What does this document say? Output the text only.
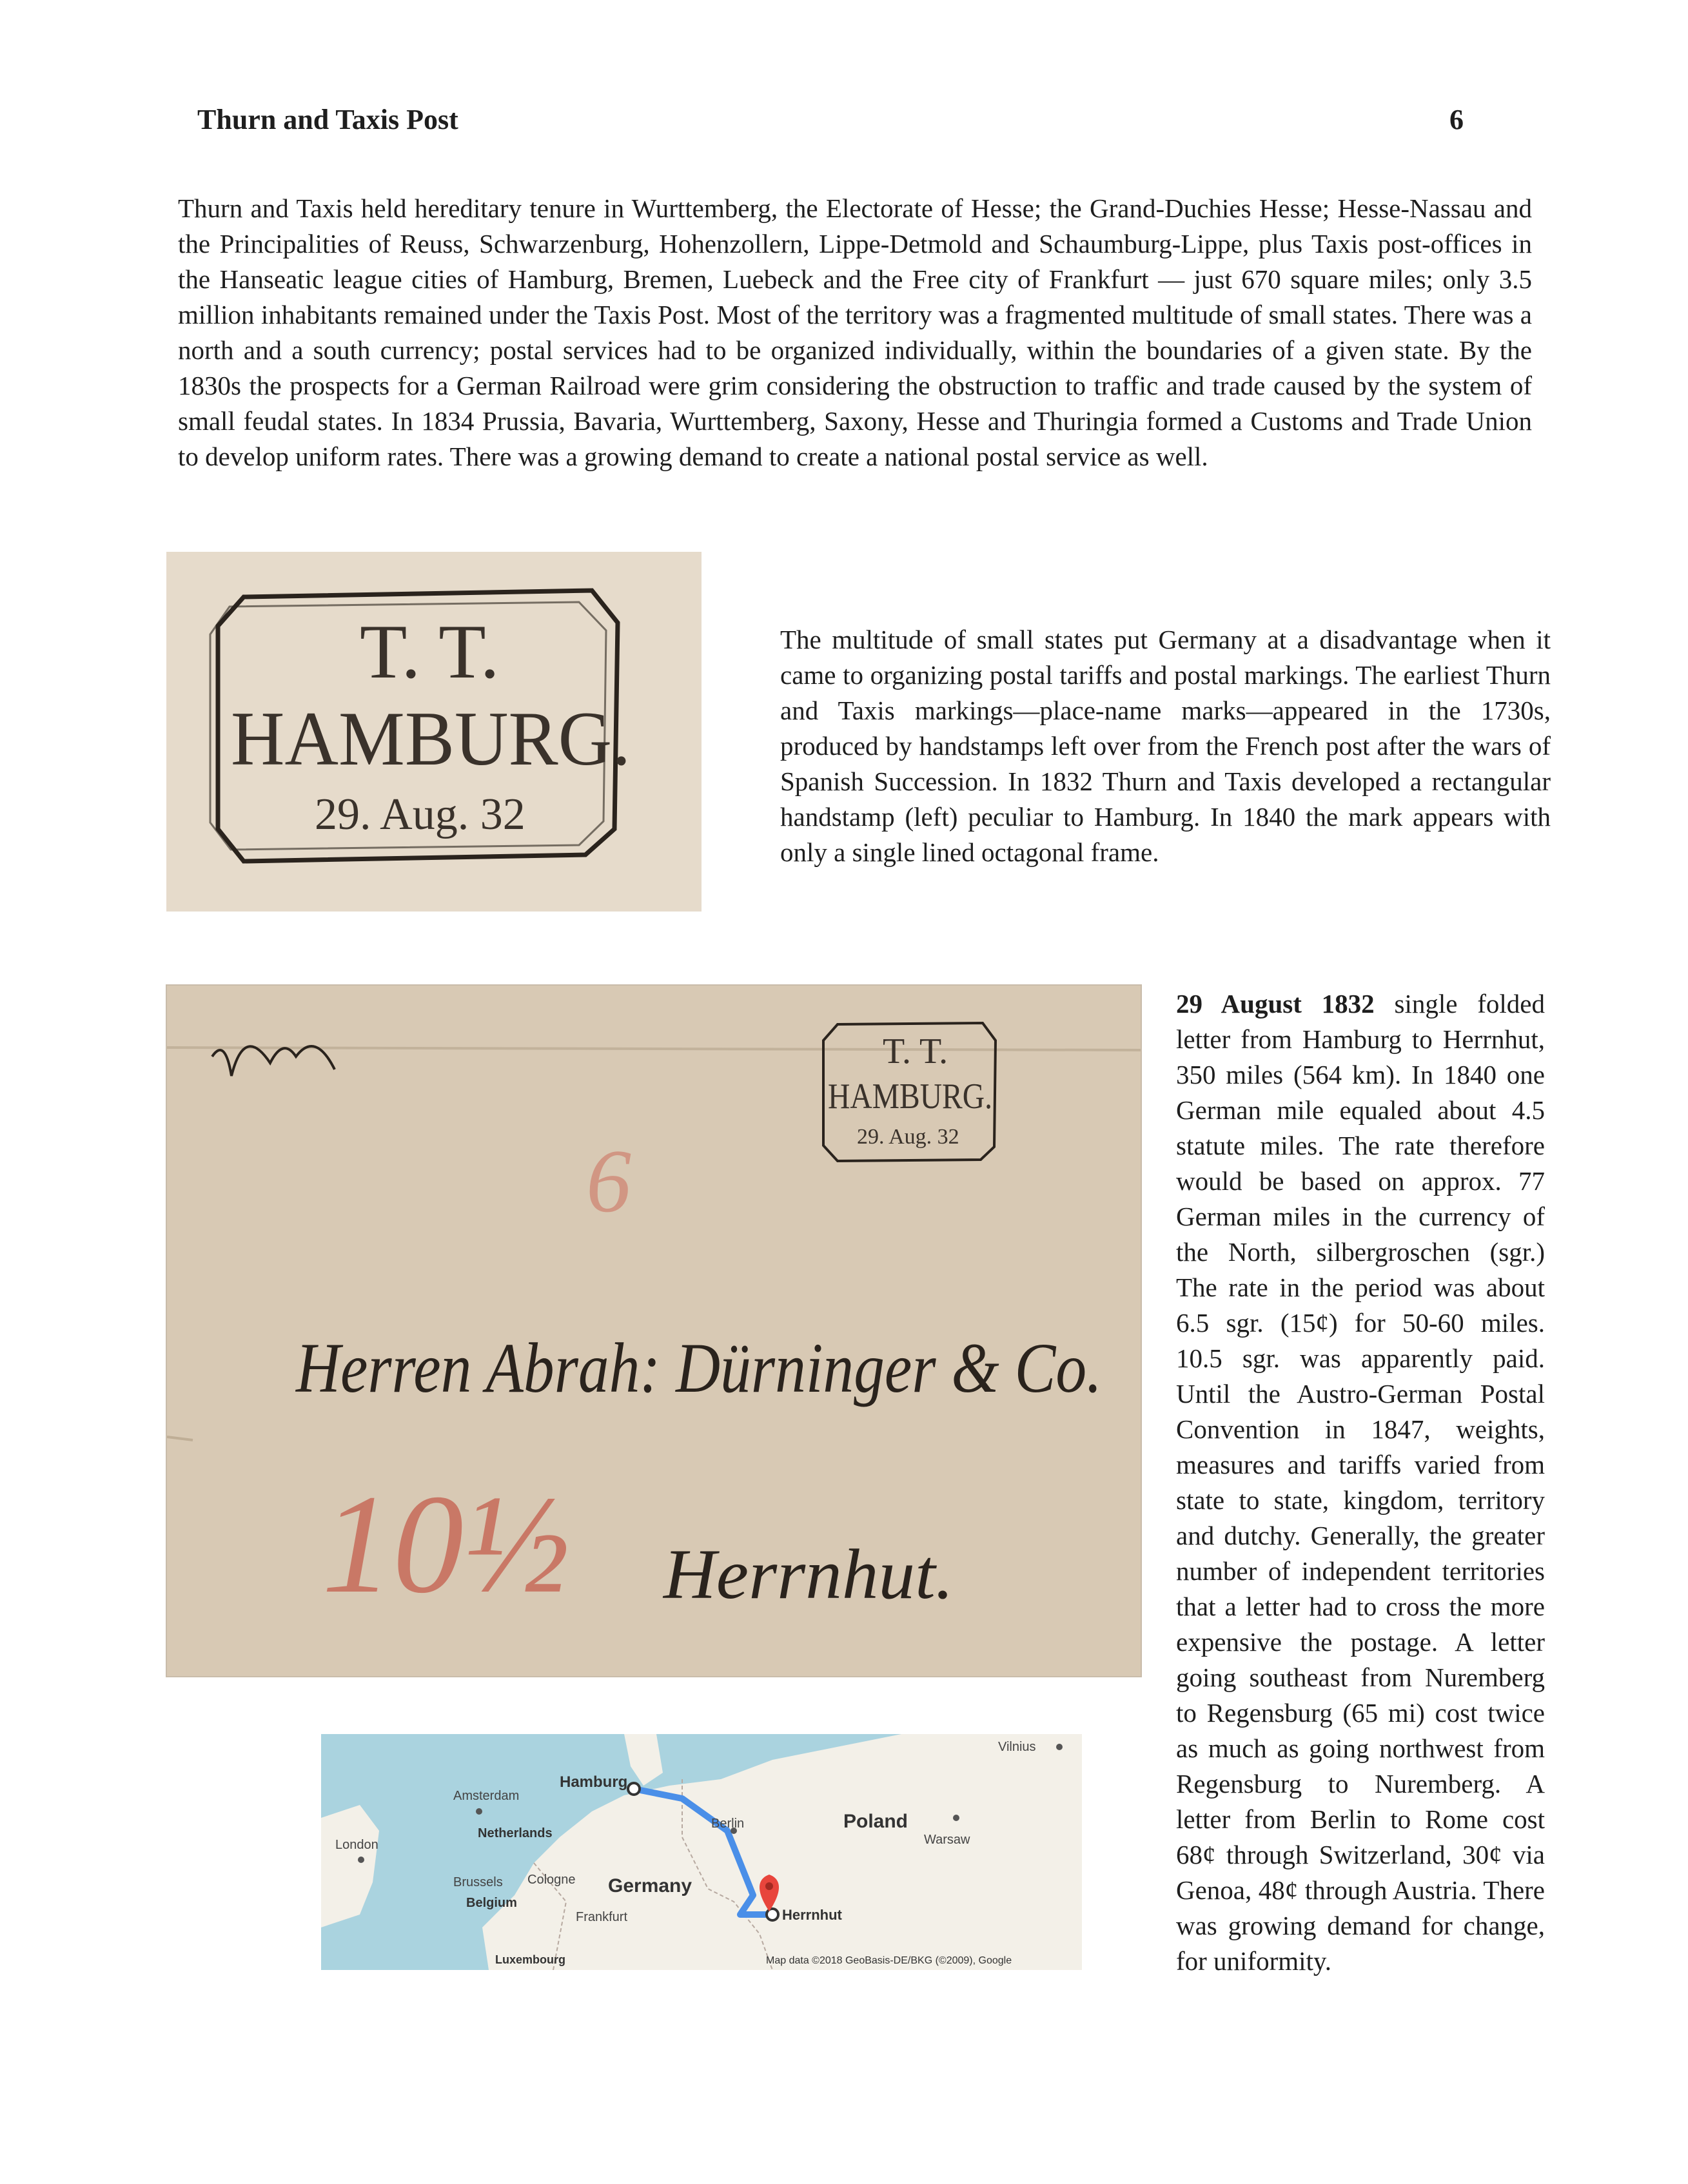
Thurn and Taxis Post	6
Thurn and Taxis held hereditary tenure in Wurttemberg, the Electorate of Hesse; the Grand-Duchies Hesse; Hesse-Nassau and the Principalities of Reuss, Schwarzenburg, Hohenzollern, Lippe-Detmold and Schaumburg-Lippe, plus Taxis post-offices in the Hanseatic league cities of Hamburg, Bremen, Luebeck and the Free city of Frankfurt — just 670 square miles; only 3.5 million inhabitants remained under the Taxis Post. Most of the territory was a fragmented multitude of small states. There was a north and a south currency; postal services had to be organized individually, within the boundaries of a given state. By the 1830s the prospects for a German Railroad were grim considering the obstruction to traffic and trade caused by the system of small feudal states. In 1834 Prussia, Bavaria, Wurttemberg, Saxony, Hesse and Thuringia formed a Customs and Trade Union to develop uniform rates. There was a growing demand to create a national postal service as well.
T. T.
HAMBURG.
29. Aug. 32
The multitude of small states put Germany at a disadvantage when it came to organizing postal tariffs and postal markings. The earliest Thurn and Taxis markings—place-name marks—appeared in the 1730s, produced by handstamps left over from the French post after the wars of Spanish Succession. In 1832 Thurn and Taxis developed a rectangular handstamp (left) peculiar to Hamburg. In 1840 the mark appears with only a single lined octagonal frame.
T. T.
HAMBURG.
29. Aug. 32
6
Herren Abrah: Dürninger & Co.
10½ Herrnhut.
29 August 1832 single folded letter from Hamburg to Herrnhut, 350 miles (564 km). In 1840 one German mile equaled about 4.5 statute miles. The rate therefore would be based on approx. 77 German miles in the currency of the North, silbergroschen (sgr.) The rate in the period was about 6.5 sgr. (15¢) for 50-60 miles. 10.5 sgr. was apparently paid. Until the Austro-German Postal Convention in 1847, weights, measures and tariffs varied from state to state, kingdom, territory and dutchy. Generally, the greater number of independent territories that a letter had to cross the more expensive the postage. A letter going southeast from Nuremberg to Regensburg (65 mi) cost twice as much as going northwest from Regensburg to Nuremberg. A letter from Berlin to Rome cost 68¢ through Switzerland, 30¢ via Genoa, 48¢ through Austria. There was growing demand for change, for uniformity.
Vilnius
Hamburg
Amsterdam
Netherlands
London
Brussels Cologne
Belgium
Germany
Frankfurt
Luxembourg
Berlin	Poland
Warsaw
Herrnhut
Map data ©2018 GeoBasis-DE/BKG (©2009), Google
